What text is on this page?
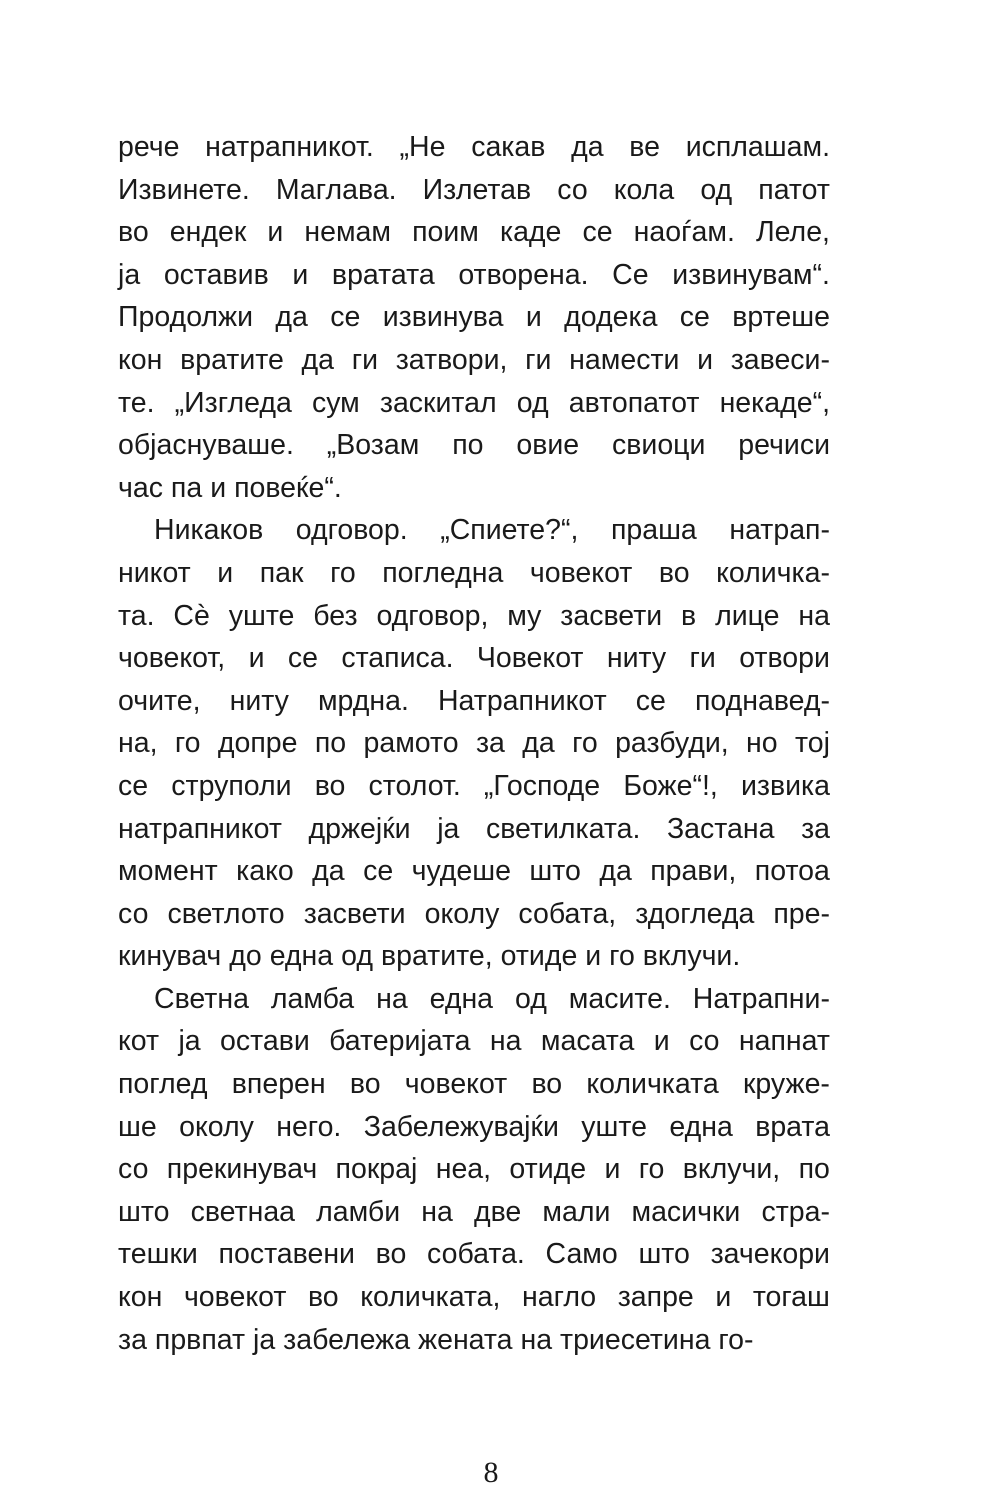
рече натрапникот. „Не сакав да ве исплашам.
Извинете. Маглава. Излетав со кола од патот
во ендек и немам поим каде се наоѓам. Леле,
ја оставив и вратата отворена. Се извинувам“.
Продолжи да се извинува и додека се вртеше
кон вратите да ги затвори, ги намести и завеси-
те. „Изгледа сум заскитал од автопатот некаде“,
објаснуваше. „Возам по овие свиоци речиси
час па и повеќе“.
Никаков одговор. „Спиете?“, праша натрап-
никот и пак го погледна човекот во количка-
та. Сѐ уште без одговор, му засвети в лице на
човекот, и се стаписа. Човекот ниту ги отвори
очите, ниту мрдна. Натрапникот се поднавед-
на, го допре по рамото за да го разбуди, но тој
се струполи во столот. „Господе Боже“!, извика
натрапникот држејќи ја светилката. Застана за
момент како да се чудеше што да прави, потоа
со светлото засвети околу собата, здогледа пре-
кинувач до една од вратите, отиде и го вклучи.
Светна ламба на една од масите. Натрапни-
кот ја остави батеријата на масата и со напнат
поглед вперен во човекот во количката круже-
ше околу него. Забележувајќи уште една врата
со прекинувач покрај неа, отиде и го вклучи, по
што светнаа ламби на две мали масички стра-
тешки поставени во собата. Само што зачекори
кон човекот во количката, нагло запре и тогаш
за првпат ја забележа жената на триесетина го-
8
